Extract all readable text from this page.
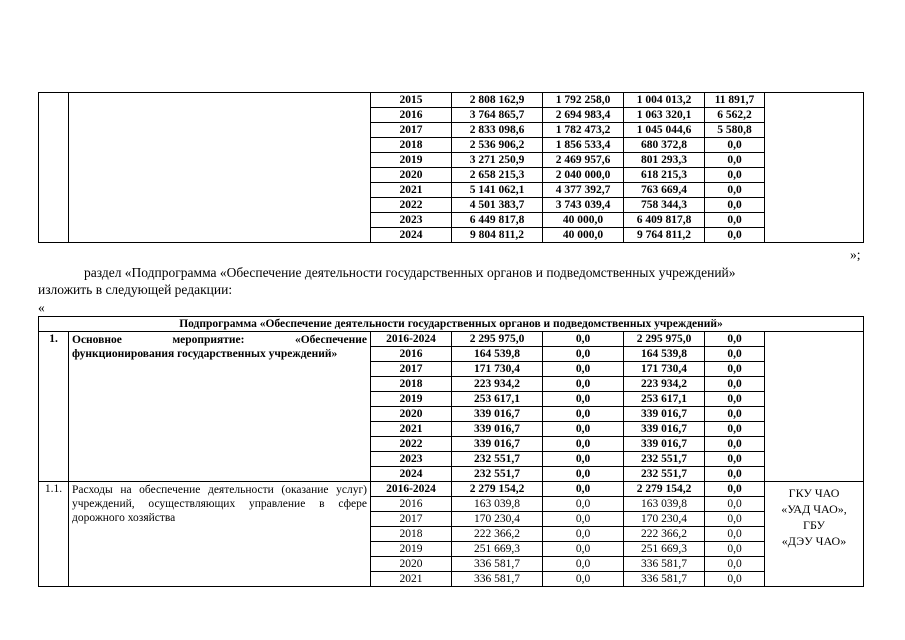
		2015	2 808 162,9	1 792 258,0	1 004 013,2	11 891,7	
		2016	3 764 865,7	2 694 983,4	1 063 320,1	6 562,2	
		2017	2 833 098,6	1 782 473,2	1 045 044,6	5 580,8	
		2018	2 536 906,2	1 856 533,4	680 372,8	0,0	
		2019	3 271 250,9	2 469 957,6	801 293,3	0,0	
		2020	2 658 215,3	2 040 000,0	618 215,3	0,0	
		2021	5 141 062,1	4 377 392,7	763 669,4	0,0	
		2022	4 501 383,7	3 743 039,4	758 344,3	0,0	
		2023	6 449 817,8	40 000,0	6 409 817,8	0,0	
		2024	9 804 811,2	40 000,0	9 764 811,2	0,0	
»;
раздел «Подпрограмма «Обеспечение деятельности государственных органов и подведомственных учреждений»
изложить в следующей редакции:
«
Подпрограмма «Обеспечение деятельности государственных органов и подведомственных учреждений»							
1.	Основное мероприятие: «Обеспечение функционирования государственных учреждений»	2016-2024	2 295 975,0	0,0	2 295 975,0	0,0	
		2016	164 539,8	0,0	164 539,8	0,0	
		2017	171 730,4	0,0	171 730,4	0,0	
		2018	223 934,2	0,0	223 934,2	0,0	
		2019	253 617,1	0,0	253 617,1	0,0	
		2020	339 016,7	0,0	339 016,7	0,0	
		2021	339 016,7	0,0	339 016,7	0,0	
		2022	339 016,7	0,0	339 016,7	0,0	
		2023	232 551,7	0,0	232 551,7	0,0	
		2024	232 551,7	0,0	232 551,7	0,0	
1.1.	Расходы на обеспечение деятельности (оказание услуг) учреждений, осуществляющих управление в сфере дорожного хозяйства	2016-2024	2 279 154,2	0,0	2 279 154,2	0,0	ГКУ ЧАО
«УАД ЧАО»,
ГБУ
«ДЭУ ЧАО»

		2016	163 039,8	0,0	163 039,8	0,0	
		2017	170 230,4	0,0	170 230,4	0,0	
		2018	222 366,2	0,0	222 366,2	0,0	
		2019	251 669,3	0,0	251 669,3	0,0	
		2020	336 581,7	0,0	336 581,7	0,0	
		2021	336 581,7	0,0	336 581,7	0,0	
